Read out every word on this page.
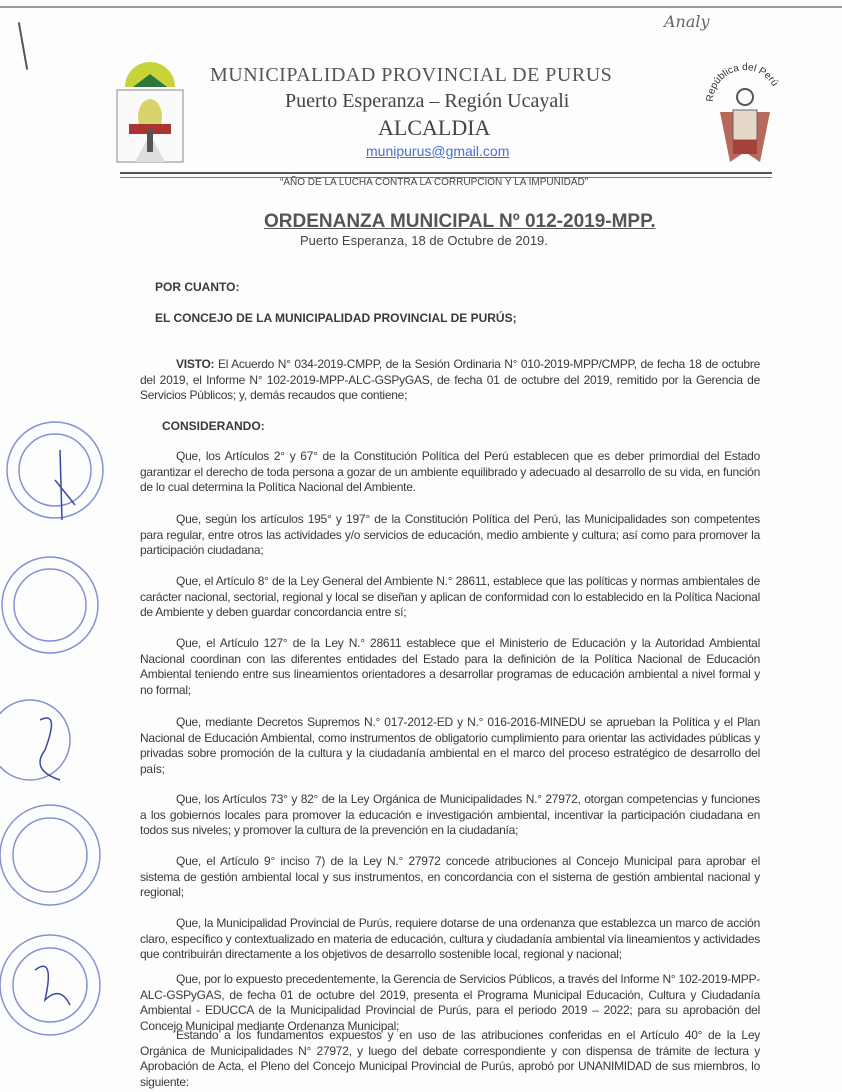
Analy
MUNICIPALIDAD PROVINCIAL DE PURUS
Puerto Esperanza – Región Ucayali
ALCALDIA
munipurus@gmail.com
República del Perú
“AÑO DE LA LUCHA CONTRA LA CORRUPCION Y LA IMPUNIDAD”
ORDENANZA MUNICIPAL Nº 012-2019-MPP.
Puerto Esperanza, 18 de Octubre de 2019.
POR CUANTO:
EL CONCEJO DE LA MUNICIPALIDAD PROVINCIAL DE PURÚS;
VISTO: El Acuerdo N° 034-2019-CMPP, de la Sesión Ordinaria N° 010-2019-MPP/CMPP, de fecha 18 de octubre del 2019, el Informe N° 102-2019-MPP-ALC-GSPyGAS, de fecha 01 de octubre del 2019, remitido por la Gerencia de Servicios Públicos; y, demás recaudos que contiene;
CONSIDERANDO:
Que, los Artículos 2° y 67° de la Constitución Política del Perú establecen que es deber primordial del Estado garantizar el derecho de toda persona a gozar de un ambiente equilibrado y adecuado al desarrollo de su vida, en función de lo cual determina la Política Nacional del Ambiente.
Que, según los artículos 195° y 197° de la Constitución Política del Perú, las Municipalidades son competentes para regular, entre otros las actividades y/o servicios de educación, medio ambiente y cultura; así como para promover la participación ciudadana;
Que, el Artículo 8° de la Ley General del Ambiente N.° 28611, establece que las políticas y normas ambientales de carácter nacional, sectorial, regional y local se diseñan y aplican de conformidad con lo establecido en la Política Nacional de Ambiente y deben guardar concordancia entre sí;
Que, el Artículo 127° de la Ley N.° 28611 establece que el Ministerio de Educación y la Autoridad Ambiental Nacional coordinan con las diferentes entidades del Estado para la definición de la Política Nacional de Educación Ambiental teniendo entre sus lineamientos orientadores a desarrollar programas de educación ambiental a nivel formal y no formal;
Que, mediante Decretos Supremos N.° 017-2012-ED y N.° 016-2016-MINEDU se aprueban la Política y el Plan Nacional de Educación Ambiental, como instrumentos de obligatorio cumplimiento para orientar las actividades públicas y privadas sobre promoción de la cultura y la ciudadanía ambiental en el marco del proceso estratégico de desarrollo del país;
Que, los Artículos 73° y 82° de la Ley Orgánica de Municipalidades N.° 27972, otorgan competencias y funciones a los gobiernos locales para promover la educación e investigación ambiental, incentivar la participación ciudadana en todos sus niveles; y promover la cultura de la prevención en la ciudadanía;
Que, el Artículo 9° inciso 7) de la Ley N.° 27972 concede atribuciones al Concejo Municipal para aprobar el sistema de gestión ambiental local y sus instrumentos, en concordancia con el sistema de gestión ambiental nacional y regional;
Que, la Municipalidad Provincial de Purús, requiere dotarse de una ordenanza que establezca un marco de acción claro, específico y contextualizado en materia de educación, cultura y ciudadanía ambiental vía lineamientos y actividades que contribuirán directamente a los objetivos de desarrollo sostenible local, regional y nacional;
Que, por lo expuesto precedentemente, la Gerencia de Servicios Públicos, a través del Informe N° 102-2019-MPP-ALC-GSPyGAS, de fecha 01 de octubre del 2019, presenta el Programa Municipal Educación, Cultura y Ciudadanía Ambiental - EDUCCA de la Municipalidad Provincial de Purús, para el periodo 2019 – 2022; para su aprobación del Concejo Municipal mediante Ordenanza Municipal;
Estando a los fundamentos expuestos y en uso de las atribuciones conferidas en el Artículo 40° de la Ley Orgánica de Municipalidades N° 27972, y luego del debate correspondiente y con dispensa de trámite de lectura y Aprobación de Acta, el Pleno del Concejo Municipal Provincial de Purús, aprobó por UNANIMIDAD de sus miembros, lo siguiente:
